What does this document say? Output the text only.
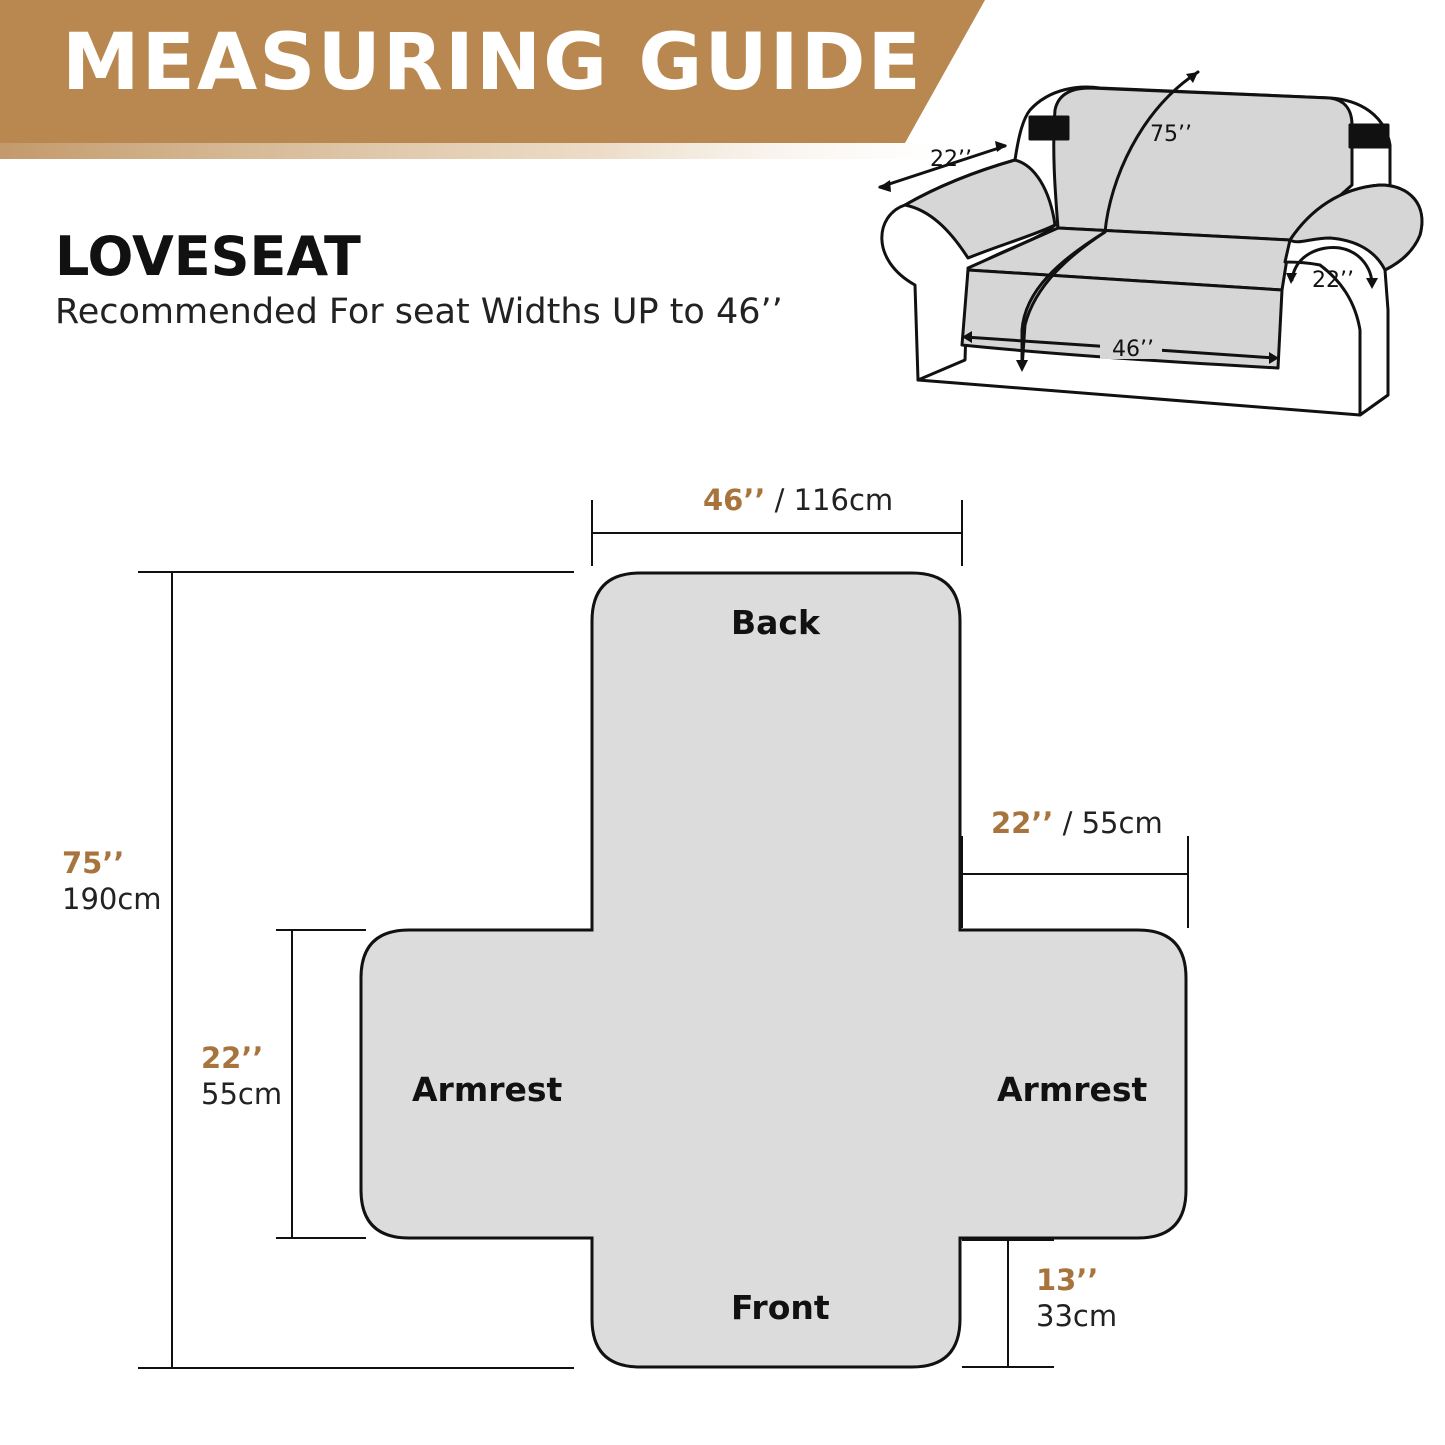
MEASURING GUIDE
LOVESEAT
Recommended For seat Widths UP to 46’’
75’’
22’’
22’’
46’’
Back
Front
Armrest	Armrest
46’’ / 116cm
22’’ / 55cm
75’’
190cm
22’’
55cm
13’’
33cm
